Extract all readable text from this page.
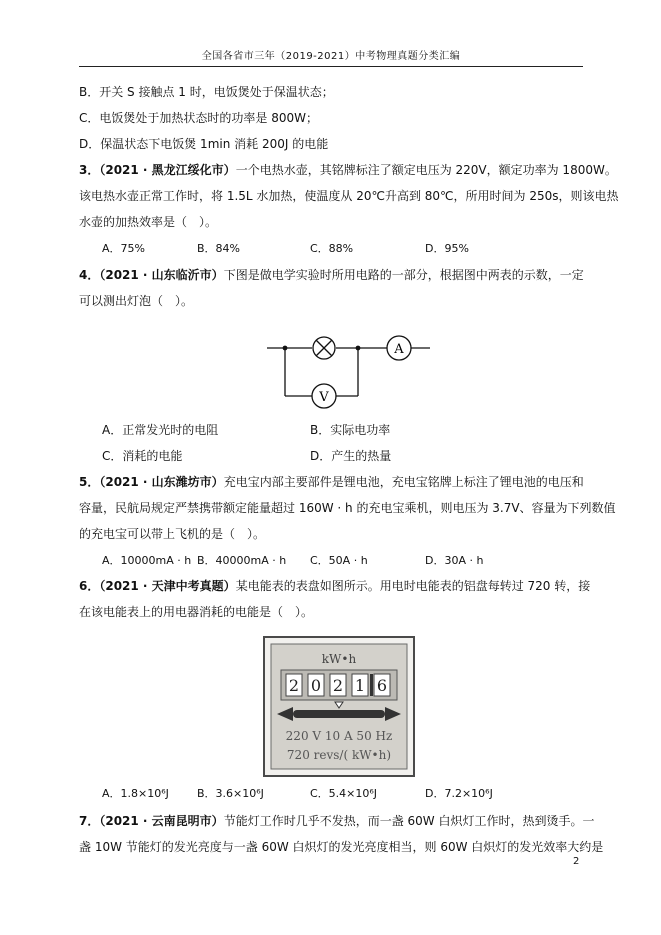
全国各省市三年（2019-2021）中考物理真题分类汇编
B．开关 S 接触点 1 时，电饭煲处于保温状态；
C．电饭煲处于加热状态时的功率是 800W；
D．保温状态下电饭煲 1min 消耗 200J 的电能
3．（2021 · 黑龙江绥化市）一个电热水壶，其铭牌标注了额定电压为 220V，额定功率为 1800W。
该电热水壶正常工作时，将 1.5L 水加热，使温度从 20℃升高到 80℃，所用时间为 250s，则该电热
水壶的加热效率是（　）。
A．75%	B．84%	C．88%	D．95%
4．（2021 · 山东临沂市）下图是做电学实验时所用电路的一部分，根据图中两表的示数，一定
可以测出灯泡（　）。
A
V
A．正常发光时的电阻	B．实际电功率
C．消耗的电能	D．产生的热量
5．（2021 · 山东潍坊市）充电宝内部主要部件是锂电池，充电宝铭牌上标注了锂电池的电压和
容量，民航局规定严禁携带额定能量超过 160W · h 的充电宝乘机，则电压为 3.7V、容量为下列数值
的充电宝可以带上飞机的是（　）。
A．10000mA · h B．40000mA · h C．50A · h	D．30A · h
6．（2021 · 天津中考真题）某电能表的表盘如图所示。用电时电能表的铝盘每转过 720 转，接
在该电能表上的用电器消耗的电能是（　）。
kW•h
2 0 2 1 6
220 V 10 A 50 Hz
720 revs/( kW•h)
A．1.8×10⁶J	B．3.6×10⁶J	C．5.4×10⁶J	D．7.2×10⁶J
7．（2021 · 云南昆明市）节能灯工作时几乎不发热，而一盏 60W 白炽灯工作时，热到烫手。一
盏 10W 节能灯的发光亮度与一盏 60W 白炽灯的发光亮度相当，则 60W 白炽灯的发光效率大约是
2
